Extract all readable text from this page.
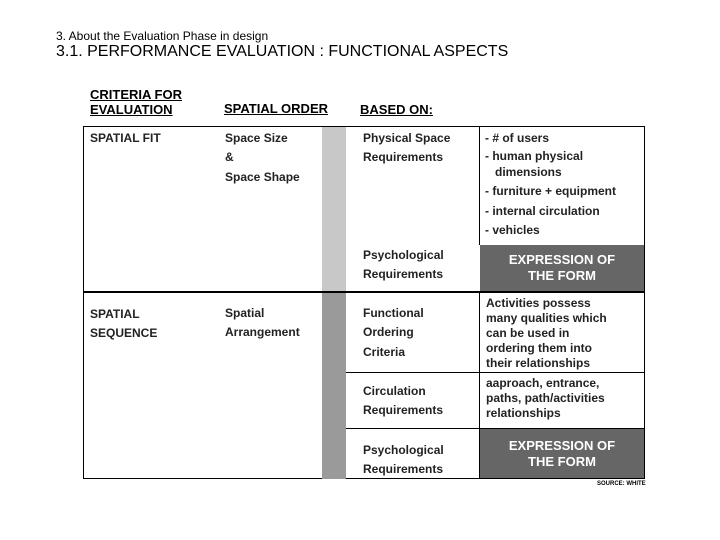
3. About the Evaluation Phase in design
3.1. PERFORMANCE EVALUATION : FUNCTIONAL ASPECTS
CRITERIA FOR
EVALUATION	SPATIAL ORDER BASED ON:
SPATIAL FIT	Space Size
&
Space Shape
Physical Space
Requirements
- # of users
- human physical
dimensions
- furniture + equipment
- internal circulation
- vehicles
Psychological
Requirements
EXPRESSION OF
THE FORM
SPATIAL
SEQUENCE
Spatial
Arrangement
Functional
Ordering
Criteria
Activities possess
many qualities which
can be used in
ordering them into
their relationships
Circulation
Requirements
aaproach, entrance,
paths, path/activities
relationships
Psychological
Requirements
EXPRESSION OF
THE FORM
SOURCE: WHITE
